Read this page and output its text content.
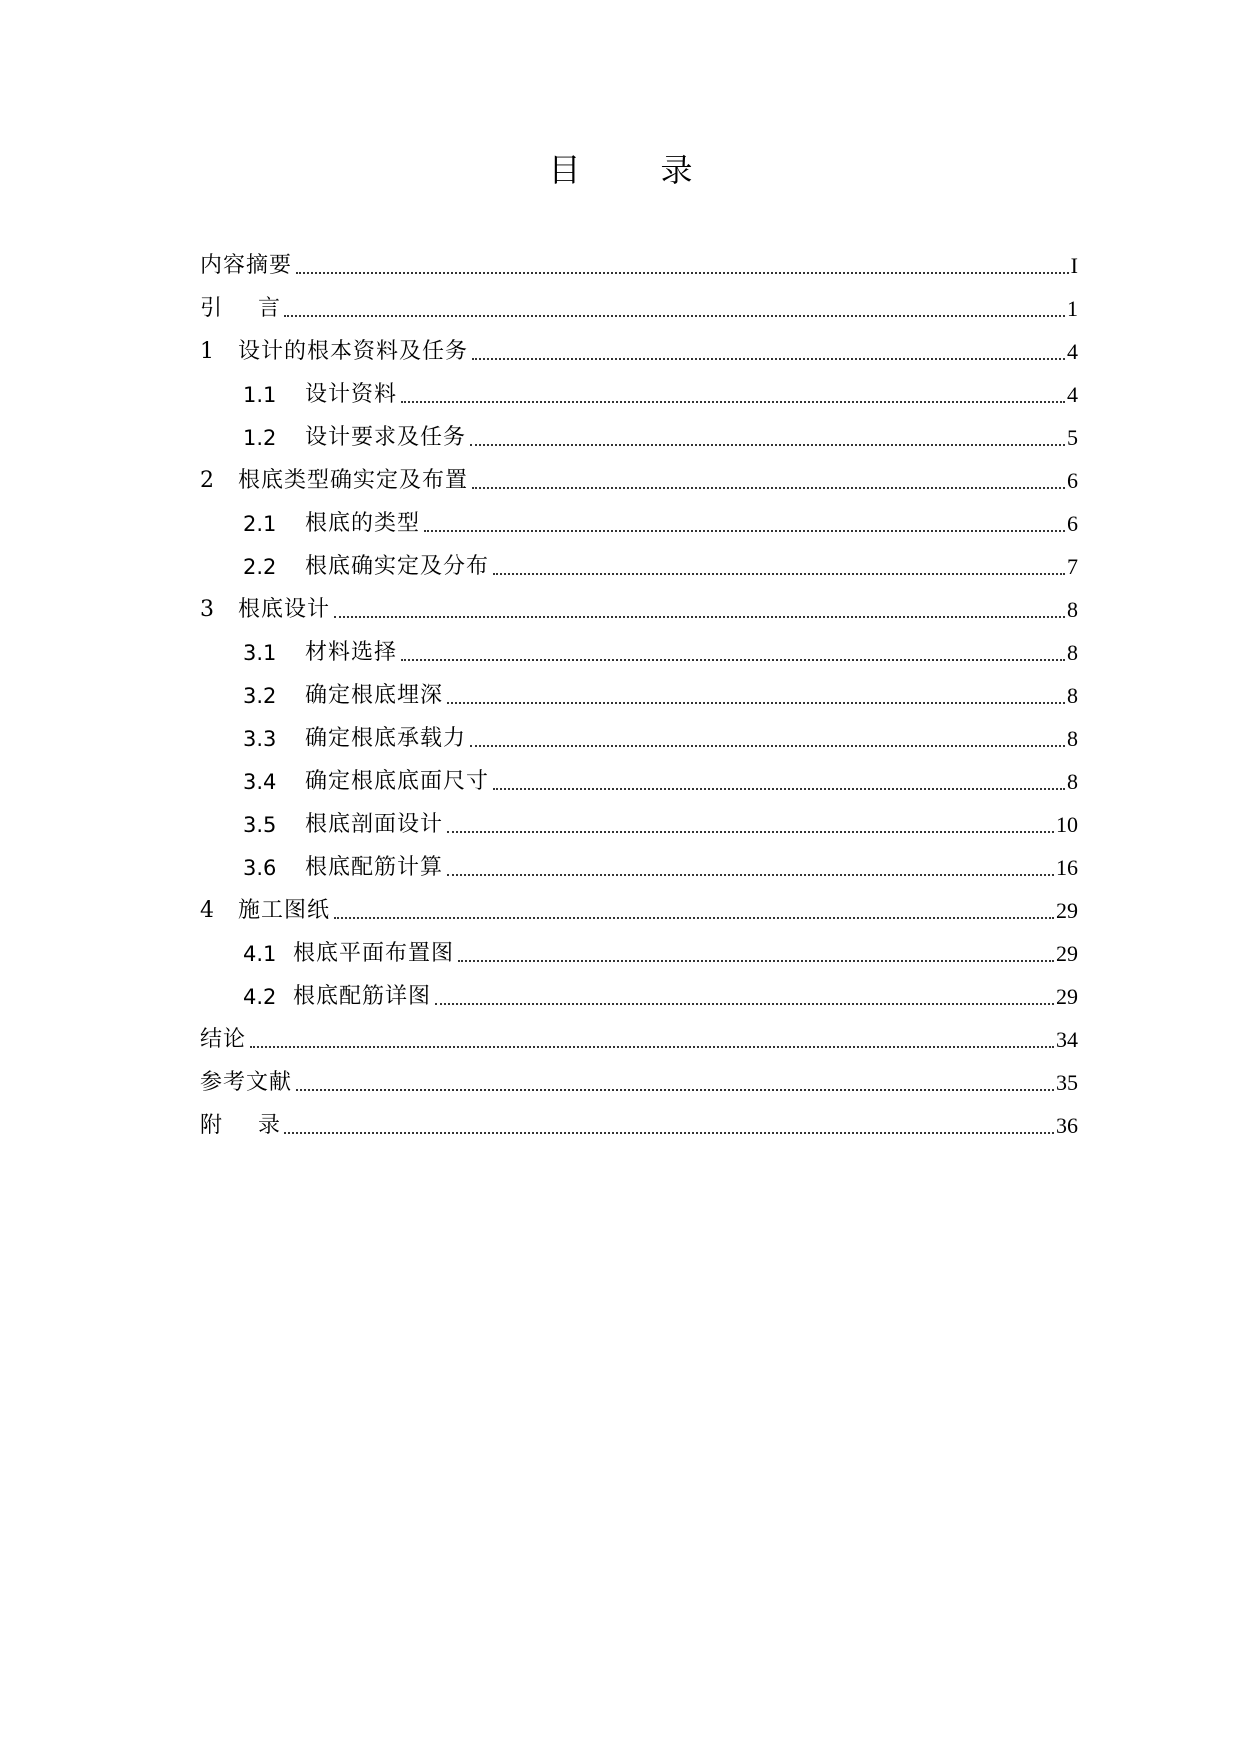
目	录
内容摘要	I
引 言	1
1	设计的根本资料及任务	4
1.1	设计资料	4
1.2	设计要求及任务	5
2	根底类型确实定及布置	6
2.1	根底的类型	6
2.2	根底确实定及分布	7
3	根底设计	8
3.1	材料选择	8
3.2	确定根底埋深	8
3.3	确定根底承载力	8
3.4	确定根底底面尺寸	8
3.5	根底剖面设计	10
3.6	根底配筋计算	16
4	施工图纸	29
4.1 根底平面布置图	29
4.2 根底配筋详图	29
结论	34
参考文献	35
附 录	36
